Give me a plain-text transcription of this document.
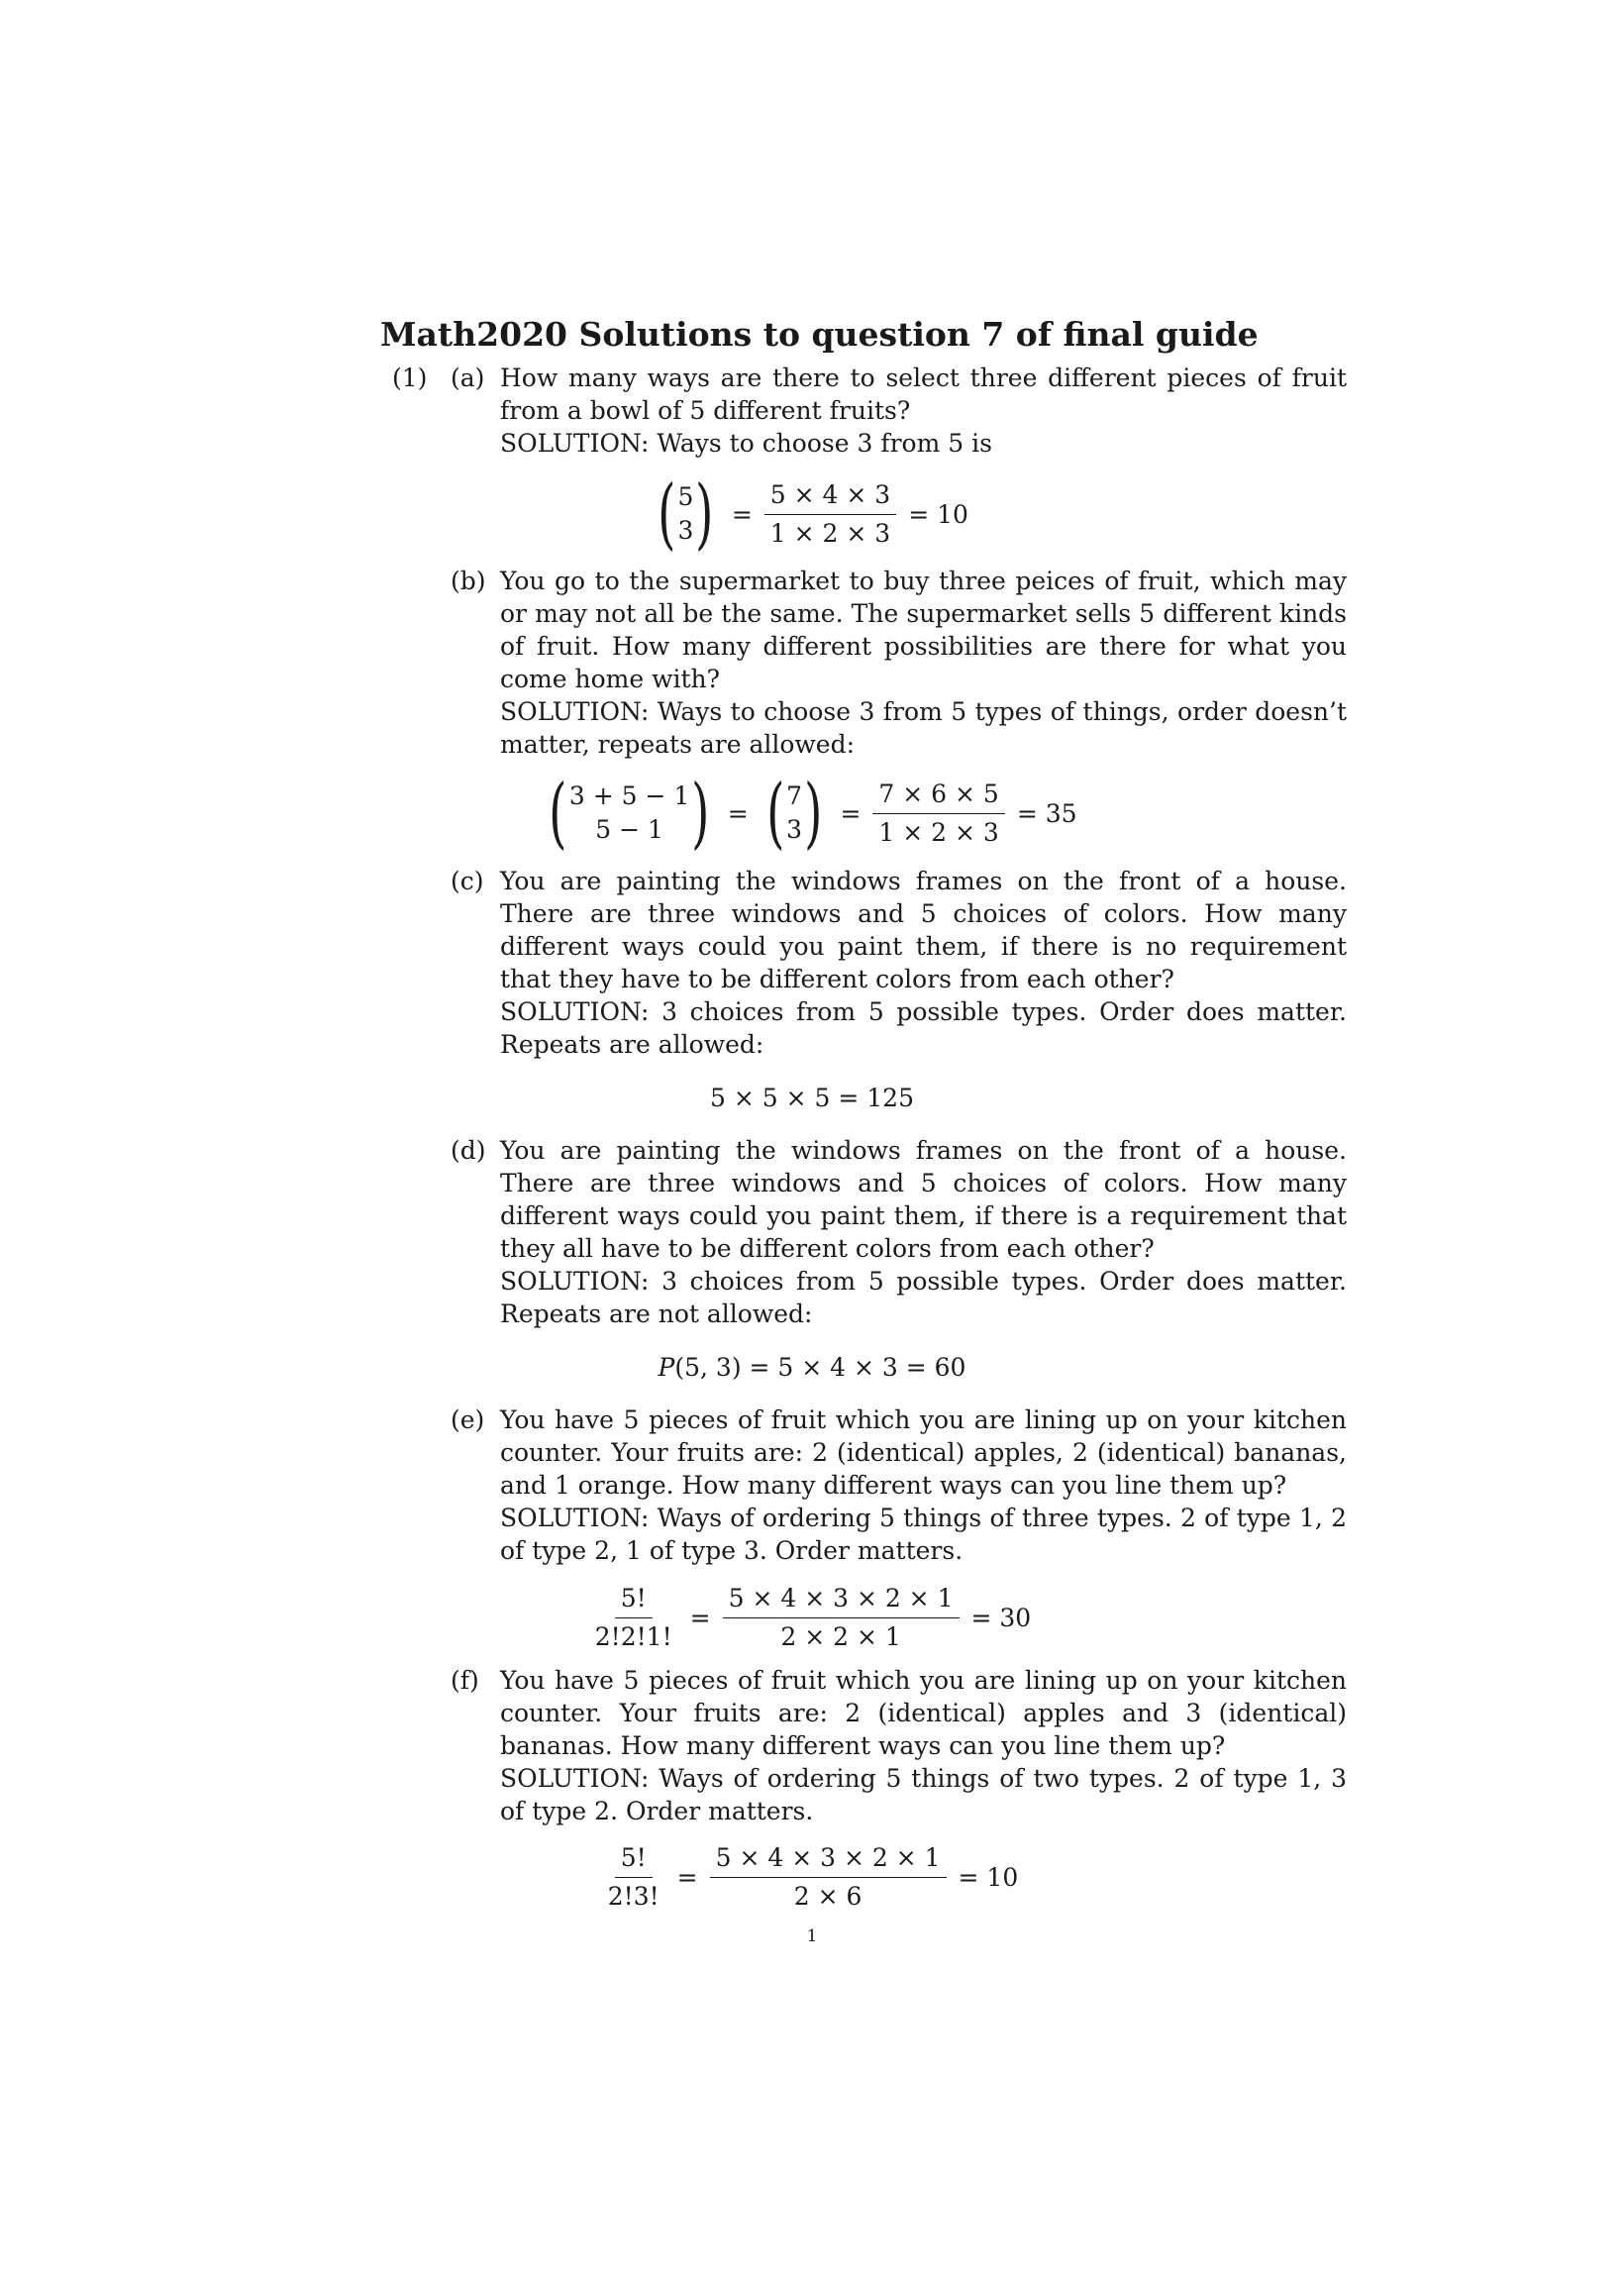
Math2020 Solutions to question 7 of final guide
(1) (a) How many ways are there to select three different pieces of fruit from a bowl of 5 different fruits?
SOLUTION: Ways to choose 3 from 5 is
( 5
3 ) = $\frac{5 \times 4 \times 3}{1 \times 2 \times 3} = 10$
(b) You go to the supermarket to buy three peices of fruit, which may or may not all be the same. The supermarket sells 5 different kinds of fruit. How many different possibilities are there for what you come home with?
SOLUTION: Ways to choose 3 from 5 types of things, order doesn’t matter, repeats are allowed:
( 3 + 5 − 1
5 − 1 ) = ( 7
3 ) = $\frac{7 \times 6 \times 5}{1 \times 2 \times 3} = 35$
(c) You are painting the windows frames on the front of a house. There are three windows and 5 choices of colors. How many different ways could you paint them, if there is no requirement that they have to be different colors from each other?
SOLUTION: 3 choices from 5 possible types. Order does matter. Repeats are allowed:
5 × 5 × 5 = 125
(d) You are painting the windows frames on the front of a house. There are three windows and 5 choices of colors. How many different ways could you paint them, if there is a requirement that they all have to be different colors from each other?
SOLUTION: 3 choices from 5 possible types. Order does matter. Repeats are not allowed:
P (5, 3) = 5 × 4 × 3 = 60
(e) You have 5 pieces of fruit which you are lining up on your kitchen counter. Your fruits are: 2 (identical) apples, 2 (identical) bananas, and 1 orange. How many different ways can you line them up?
SOLUTION: Ways of ordering 5 things of three types. 2 of type 1, 2 of type 2, 1 of type 3. Order matters.
$\frac{5!}{2!2!1!} = \frac{5 \times 4 \times 3 \times 2 \times 1}{2 \times 2 \times 1} = 30$
(f) You have 5 pieces of fruit which you are lining up on your kitchen counter. Your fruits are: 2 (identical) apples and 3 (identical) bananas. How many different ways can you line them up?
SOLUTION: Ways of ordering 5 things of two types. 2 of type 1, 3 of type 2. Order matters.
$\frac{5!}{2!3!} = \frac{5 \times 4 \times 3 \times 2 \times 1}{2 \times 6} = 10$
1
